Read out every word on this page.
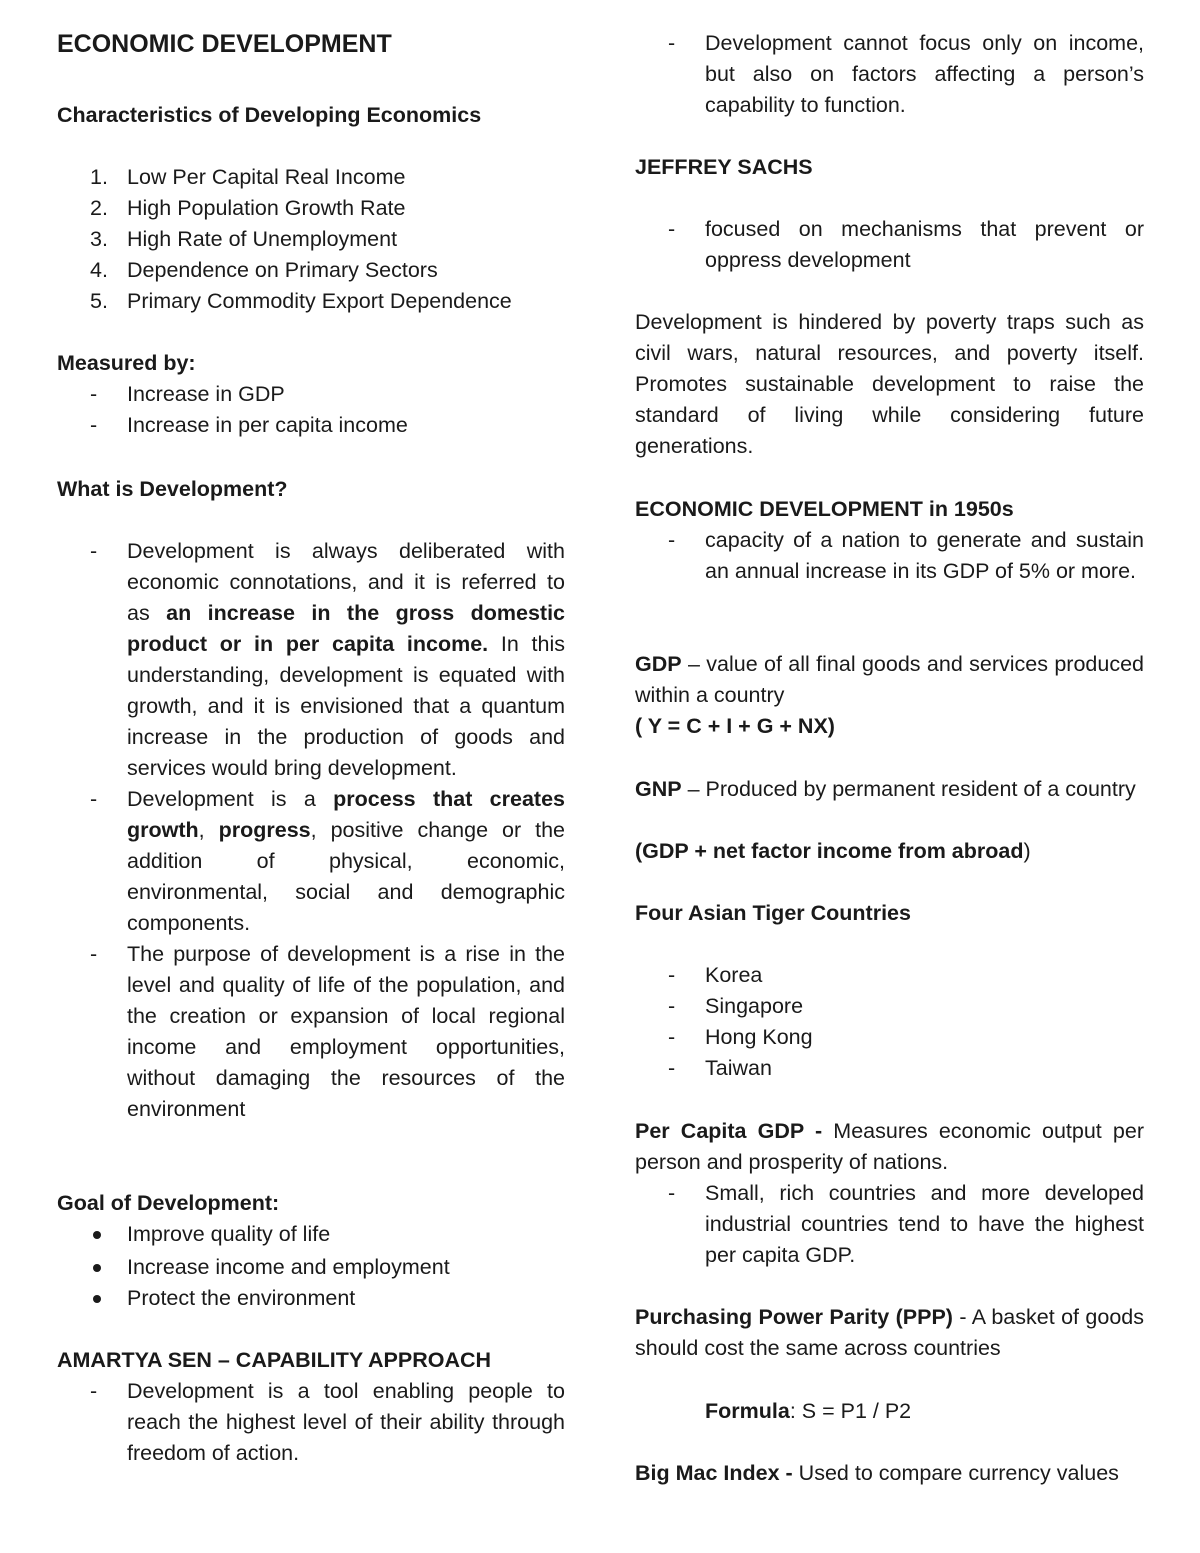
ECONOMIC DEVELOPMENT
Characteristics of Developing Economics
1. Low Per Capital Real Income
2. High Population Growth Rate
3. High Rate of Unemployment
4. Dependence on Primary Sectors
5. Primary Commodity Export Dependence
Measured by:
-	Increase in GDP
-	Increase in per capita income
What is Development?
-	Development is always deliberated with economic connotations, and it is referred to as an increase in the gross domestic product or in per capita income. In this understanding, development is equated with growth, and it is envisioned that a quantum increase in the production of goods and services would bring development.
-	Development is a process that creates growth, progress, positive change or the addition of physical, economic, environmental, social and demographic components.
-	The purpose of development is a rise in the level and quality of life of the population, and the creation or expansion of local regional income and employment opportunities, without damaging the resources of the environment
Goal of Development:
Improve quality of life
Increase income and employment
Protect the environment
AMARTYA SEN – CAPABILITY APPROACH
-	Development is a tool enabling people to reach the highest level of their ability through freedom of action.
-	Development cannot focus only on income, but also on factors affecting a person’s capability to function.
JEFFREY SACHS
-	focused on mechanisms that prevent or oppress development
Development is hindered by poverty traps such as civil wars, natural resources, and poverty itself. Promotes sustainable development to raise the standard of living while considering future generations.
ECONOMIC DEVELOPMENT in 1950s
-	capacity of a nation to generate and sustain an annual increase in its GDP of 5% or more.
GDP – value of all final goods and services produced within a country
( Y = C + I + G + NX)
GNP – Produced by permanent resident of a country
(GDP + net factor income from abroad)
Four Asian Tiger Countries
-	Korea
-	Singapore
-	Hong Kong
-	Taiwan
Per Capita GDP - Measures economic output per person and prosperity of nations.
-	Small, rich countries and more developed industrial countries tend to have the highest per capita GDP.
Purchasing Power Parity (PPP) - A basket of goods should cost the same across countries
Formula: S = P1 / P2
Big Mac Index - Used to compare currency values
